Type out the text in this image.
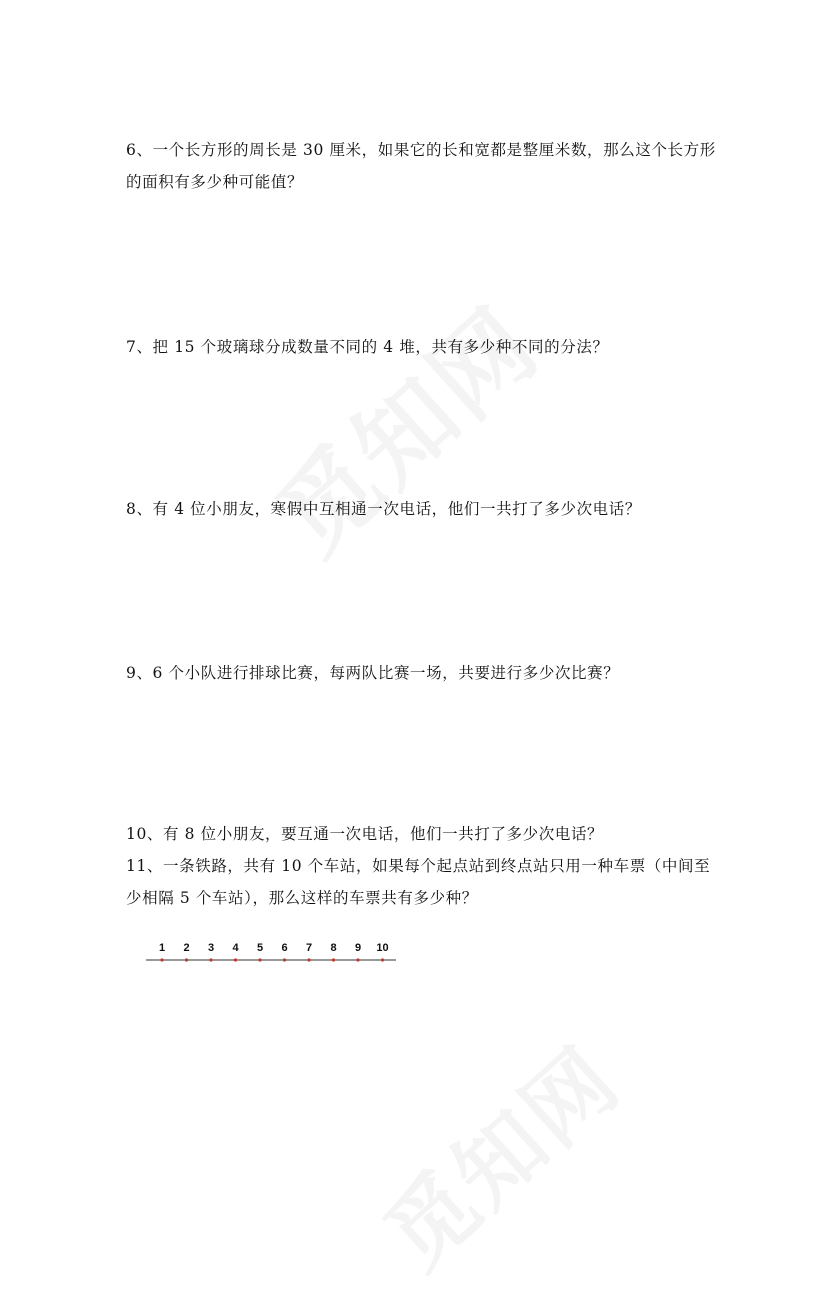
6、一个长方形的周长是 30 厘米，如果它的长和宽都是整厘米数，那么这个长方形的面积有多少种可能值？

7、把 15 个玻璃球分成数量不同的 4 堆，共有多少种不同的分法？

8、有 4 位小朋友，寒假中互相通一次电话，他们一共打了多少次电话？

9、6 个小队进行排球比赛，每两队比赛一场，共要进行多少次比赛？

10、有 8 位小朋友，要互通一次电话，他们一共打了多少次电话？

11、一条铁路，共有 10 个车站，如果每个起点站到终点站只用一种车票（中间至少相隔 5 个车站），那么这样的车票共有多少种？

1 2 3 4 5 6 7 8 9 10
